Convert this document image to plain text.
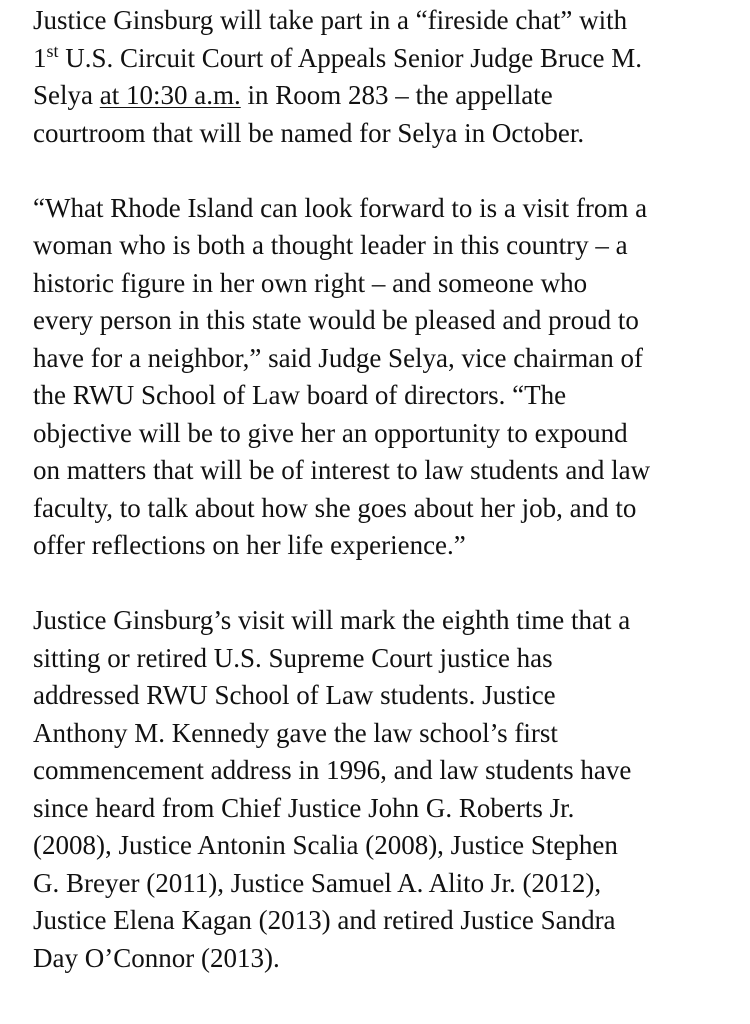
Justice Ginsburg will take part in a “fireside chat” with
1st U.S. Circuit Court of Appeals Senior Judge Bruce M.
Selya at 10:30 a.m. in Room 283 – the appellate
courtroom that will be named for Selya in October.

“What Rhode Island can look forward to is a visit from a
woman who is both a thought leader in this country – a
historic figure in her own right – and someone who
every person in this state would be pleased and proud to
have for a neighbor,” said Judge Selya, vice chairman of
the RWU School of Law board of directors. “The
objective will be to give her an opportunity to expound
on matters that will be of interest to law students and law
faculty, to talk about how she goes about her job, and to
offer reflections on her life experience.”

Justice Ginsburg’s visit will mark the eighth time that a
sitting or retired U.S. Supreme Court justice has
addressed RWU School of Law students. Justice
Anthony M. Kennedy gave the law school’s first
commencement address in 1996, and law students have
since heard from Chief Justice John G. Roberts Jr.
(2008), Justice Antonin Scalia (2008), Justice Stephen
G. Breyer (2011), Justice Samuel A. Alito Jr. (2012),
Justice Elena Kagan (2013) and retired Justice Sandra
Day O’Connor (2013).
